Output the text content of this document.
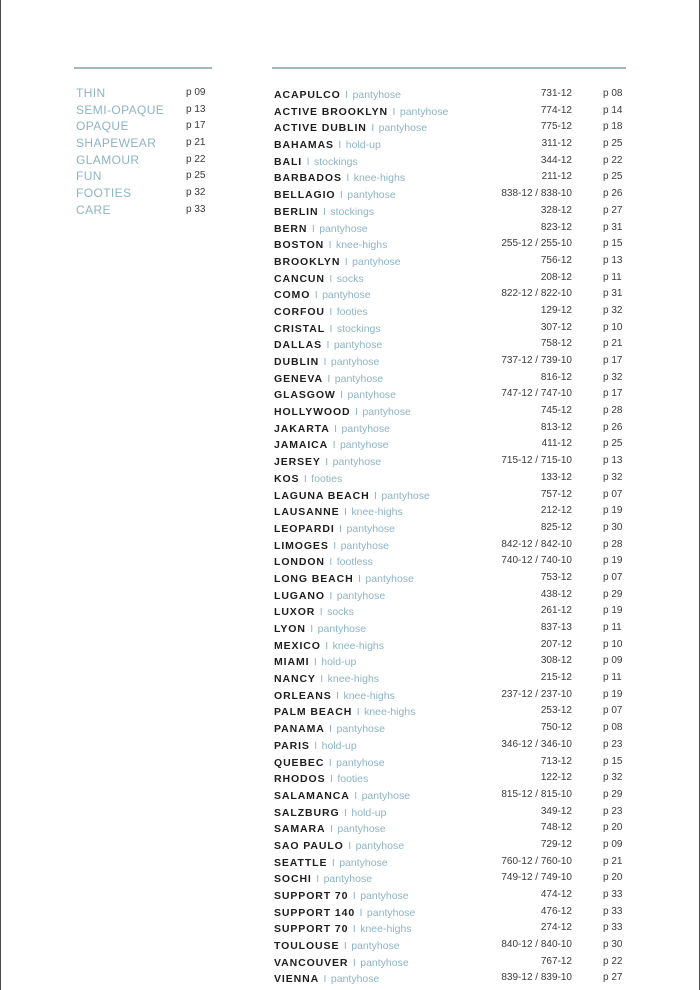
THIN	p 09
SEMI-OPAQUE p 13
OPAQUE	p 17
SHAPEWEAR	p 21
GLAMOUR	p 22
FUN	p 25
FOOTIES	p 32
CARE	p 33
ACAPULCO I pantyhose	731-12	p 08
ACTIVE BROOKLYN I pantyhose	774-12	p 14
ACTIVE DUBLIN I pantyhose	775-12	p 18
BAHAMAS I hold-up	311-12	p 25
BALI I stockings	344-12	p 22
BARBADOS I knee-highs	211-12	p 25
BELLAGIO I pantyhose	838-12 / 838-10	p 26
BERLIN I stockings	328-12	p 27
BERN I pantyhose	823-12	p 31
BOSTON I knee-highs	255-12 / 255-10	p 15
BROOKLYN I pantyhose	756-12	p 13
CANCUN I socks	208-12	p 11
COMO I pantyhose	822-12 / 822-10	p 31
CORFOU I footies	129-12	p 32
CRISTAL I stockings	307-12	p 10
DALLAS I pantyhose	758-12	p 21
DUBLIN I pantyhose	737-12 / 739-10	p 17
GENEVA I pantyhose	816-12	p 32
GLASGOW I pantyhose	747-12 / 747-10	p 17
HOLLYWOOD I pantyhose	745-12	p 28
JAKARTA I pantyhose	813-12	p 26
JAMAICA I pantyhose	411-12	p 25
JERSEY I pantyhose	715-12 / 715-10	p 13
KOS I footies	133-12	p 32
LAGUNA BEACH I pantyhose	757-12	p 07
LAUSANNE I knee-highs	212-12	p 19
LEOPARDI I pantyhose	825-12	p 30
LIMOGES I pantyhose	842-12 / 842-10	p 28
LONDON I footless	740-12 / 740-10	p 19
LONG BEACH I pantyhose	753-12	p 07
LUGANO I pantyhose	438-12	p 29
LUXOR I socks	261-12	p 19
LYON I pantyhose	837-13	p 11
MEXICO I knee-highs	207-12	p 10
MIAMI I hold-up	308-12	p 09
NANCY I knee-highs	215-12	p 11
ORLEANS I knee-highs	237-12 / 237-10	p 19
PALM BEACH I knee-highs	253-12	p 07
PANAMA I pantyhose	750-12	p 08
PARIS I hold-up	346-12 / 346-10	p 23
QUEBEC I pantyhose	713-12	p 15
RHODOS I footies	122-12	p 32
SALAMANCA I pantyhose	815-12 / 815-10	p 29
SALZBURG I hold-up	349-12	p 23
SAMARA I pantyhose	748-12	p 20
SAO PAULO I pantyhose	729-12	p 09
SEATTLE I pantyhose	760-12 / 760-10	p 21
SOCHI I pantyhose	749-12 / 749-10	p 20
SUPPORT 70 I pantyhose	474-12	p 33
SUPPORT 140 I pantyhose	476-12	p 33
SUPPORT 70 I knee-highs	274-12	p 33
TOULOUSE I pantyhose	840-12 / 840-10	p 30
VANCOUVER I pantyhose	767-12	p 22
VIENNA I pantyhose	839-12 / 839-10	p 27
